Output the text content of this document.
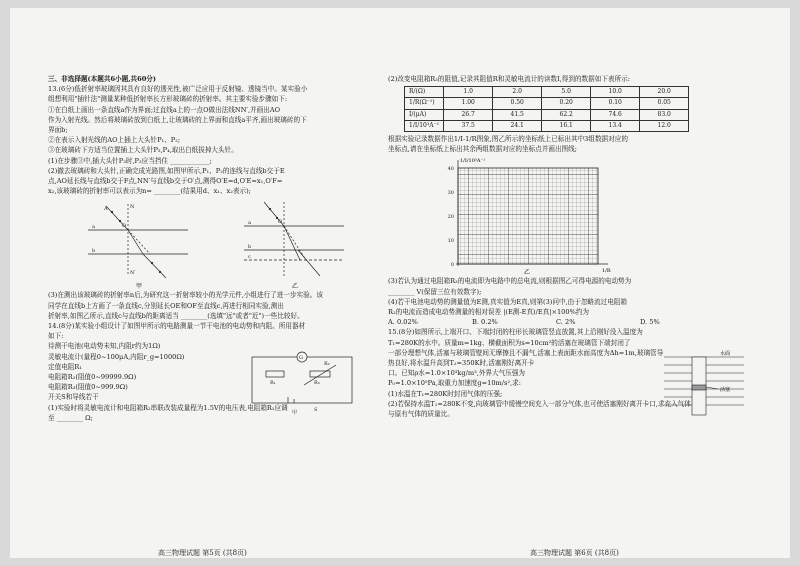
三、非选择题(本题共6小题,共60分)

13.(6分)低折射率玻璃因其具有良好的透光性,被广泛应用于反射镜、透镜当中。某实验小

组想利用"插针法"测量某种低折射率长方形玻璃砖的折射率。其主要实验步骤如下:

①在白纸上画出一条直线a作为界面;过直线a上的一点O做出法线NN′,并画出AO

作为入射光线。然后将玻璃砖放到白纸上,让玻璃砖的上界面和直线a平齐,画出玻璃砖的下

界面b;

②在表示入射光线的AO上插上大头针P₁、P₂;

③在玻璃砖下方适当位置插上大头针P₃,P₄,取出白纸拔掉大头针。

(1)在步骤③中,插大头针P₃时,P₃应当挡住 ____________;

(2)撤去玻璃砖和大头针,正确完成光路图,如图甲所示,P₁、P₂的连线与直线b交于E

点,AO延长线与直线b交于F点,NN′与直线b交于O′点,测得O′E=d,O′E=x₁,O′F=

x₂,该玻璃砖的折射率可以表示为n= ________(结果用d、x₁、x₂表示);

a
b
N
N′
O
A
a
b
c
O
甲	乙

(3)在测出该玻璃砖的折射率n后,为研究这一折射率较小的光学元件,小组进行了进一步实验。该

同学在直线b上方画了一条直线c,分别延长OE和OF至直线c,再进行相同实验,测出

折射率,如图乙所示,直线c与直线b的距离适当 ________(选填"远"或者"近")一些比较好。

14.(8分)某实验小组设计了如图甲所示的电路测量一节干电池的电动势和内阻。所用器材

如下:

待测干电池(电动势未知,内阻r约为1Ω)

灵敏电流计(量程0~100μA,内阻r_g=1000Ω)

定值电阻R₁

电阻箱R₂(阻值0~99999.9Ω)

电阻箱R₃(阻值0~999.9Ω)

开关S和导线若干

(1)实验时将灵敏电流计和电阻箱R₂串联改装成量程为1.5V的电压表,电阻箱R₂应调

至 ________ Ω;

G
R₁	R₃
R₂
S
甲

高三物理试题 第5页 (共8页)

(2)改变电阻箱R₃的阻值,记录其阻值R和灵敏电流计的读数I,得到的数据如下表所示:

R/(Ω)	1.0	2.0	5.0	10.0	20.0
1/R(Ω⁻¹)	1.00	0.50	0.20	0.10	0.05
I/(μA)	26.7	41.5	62.2	74.6	83.0
1/I/10³A⁻¹	37.5	24.1	16.1	13.4	12.0

根据实验记录数据作出1/I-1/R图象,图乙所示的坐标纸上已标出其中3组数据对应的

坐标点,请在坐标纸上标出其余两组数据对应的坐标点并画出图线;

0
10
20
30
40
1/I/10³A⁻¹
1/R
乙

(3)若认为通过电阻箱R₃的电流即为电路中的总电流,则根据图乙可得电源的电动势为

________ V(保留三位有效数字);

(4)若干电池电动势的测量值为E测,真实值为E真,则第(3)问中,由于忽略流过电阻箱

R₂的电流而造成电动势测量的相对误差 |(E测-E真)/E真|×100%约为

A. 0.02%	B. 0.2%	C. 2%	D. 5%

15.(8分)如图所示,上端开口、下端封闭的柱形长玻璃管竖直放置,其上沿刚好没入温度为

T₁=280K的水中。质量m=1kg、横截面积为s=10cm²的活塞在玻璃管下端封闭了

一部分理想气体,活塞与玻璃管壁间无摩擦且不漏气,活塞上表面距水面高度为Δh=1m,玻璃管导

热良好,将水温升高到T₂=350K时,活塞刚好离开卡

口。已知ρ水=1.0×10³kg/m³,外界大气压强为

P₀=1.0×10⁵Pa,取重力加速度g=10m/s²,求:

(1)水温在T₁=280K时封闭气体的压强;

(2)若保持水温T₁=280K不变,向玻璃管中缓慢空间充入一部分气体,也可使活塞刚好离开卡口,求充入气体

与原有气体的质量比。

水面
活塞

高三物理试题 第6页 (共8页)
